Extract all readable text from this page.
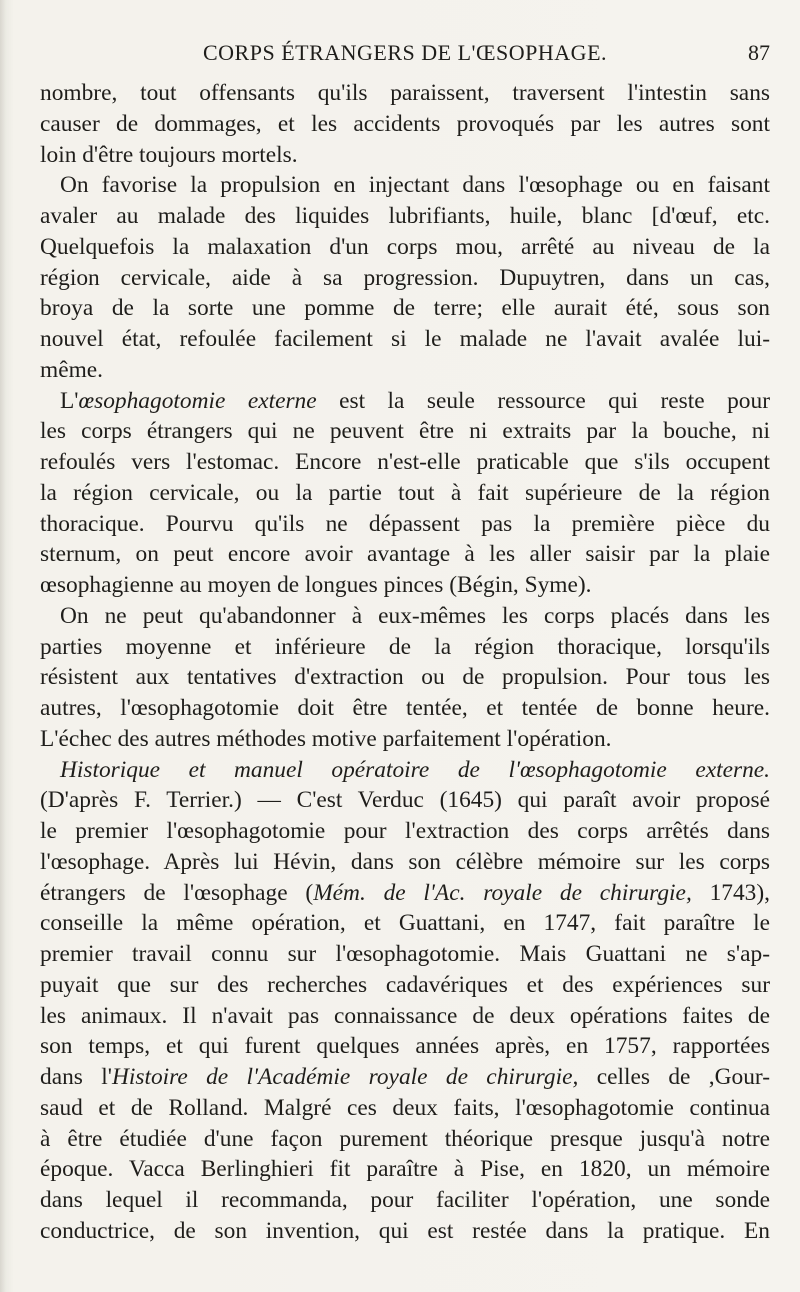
CORPS ÉTRANGERS DE L'ŒSOPHAGE.	87
nombre, tout offensants qu'ils paraissent, traversent l'intestin sans
causer de dommages, et les accidents provoqués par les autres sont
loin d'être toujours mortels.
On favorise la propulsion en injectant dans l'œsophage ou en faisant
avaler au malade des liquides lubrifiants, huile, blanc [d'œuf, etc.
Quelquefois la malaxation d'un corps mou, arrêté au niveau de la
région cervicale, aide à sa progression. Dupuytren, dans un cas,
broya de la sorte une pomme de terre; elle aurait été, sous son
nouvel état, refoulée facilement si le malade ne l'avait avalée lui-
même.
L'œsophagotomie externe est la seule ressource qui reste pour
les corps étrangers qui ne peuvent être ni extraits par la bouche, ni
refoulés vers l'estomac. Encore n'est-elle praticable que s'ils occupent
la région cervicale, ou la partie tout à fait supérieure de la région
thoracique. Pourvu qu'ils ne dépassent pas la première pièce du
sternum, on peut encore avoir avantage à les aller saisir par la plaie
œsophagienne au moyen de longues pinces (Bégin, Syme).
On ne peut qu'abandonner à eux-mêmes les corps placés dans les
parties moyenne et inférieure de la région thoracique, lorsqu'ils
résistent aux tentatives d'extraction ou de propulsion. Pour tous les
autres, l'œsophagotomie doit être tentée, et tentée de bonne heure.
L'échec des autres méthodes motive parfaitement l'opération.
Historique et manuel opératoire de l'œsophagotomie externe.
(D'après F. Terrier.) — C'est Verduc (1645) qui paraît avoir proposé
le premier l'œsophagotomie pour l'extraction des corps arrêtés dans
l'œsophage. Après lui Hévin, dans son célèbre mémoire sur les corps
étrangers de l'œsophage (Mém. de l'Ac. royale de chirurgie, 1743),
conseille la même opération, et Guattani, en 1747, fait paraître le
premier travail connu sur l'œsophagotomie. Mais Guattani ne s'ap-
puyait que sur des recherches cadavériques et des expériences sur
les animaux. Il n'avait pas connaissance de deux opérations faites de
son temps, et qui furent quelques années après, en 1757, rapportées
dans l'Histoire de l'Académie royale de chirurgie, celles de ,Gour-
saud et de Rolland. Malgré ces deux faits, l'œsophagotomie continua
à être étudiée d'une façon purement théorique presque jusqu'à notre
époque. Vacca Berlinghieri fit paraître à Pise, en 1820, un mémoire
dans lequel il recommanda, pour faciliter l'opération, une sonde
conductrice, de son invention, qui est restée dans la pratique. En
